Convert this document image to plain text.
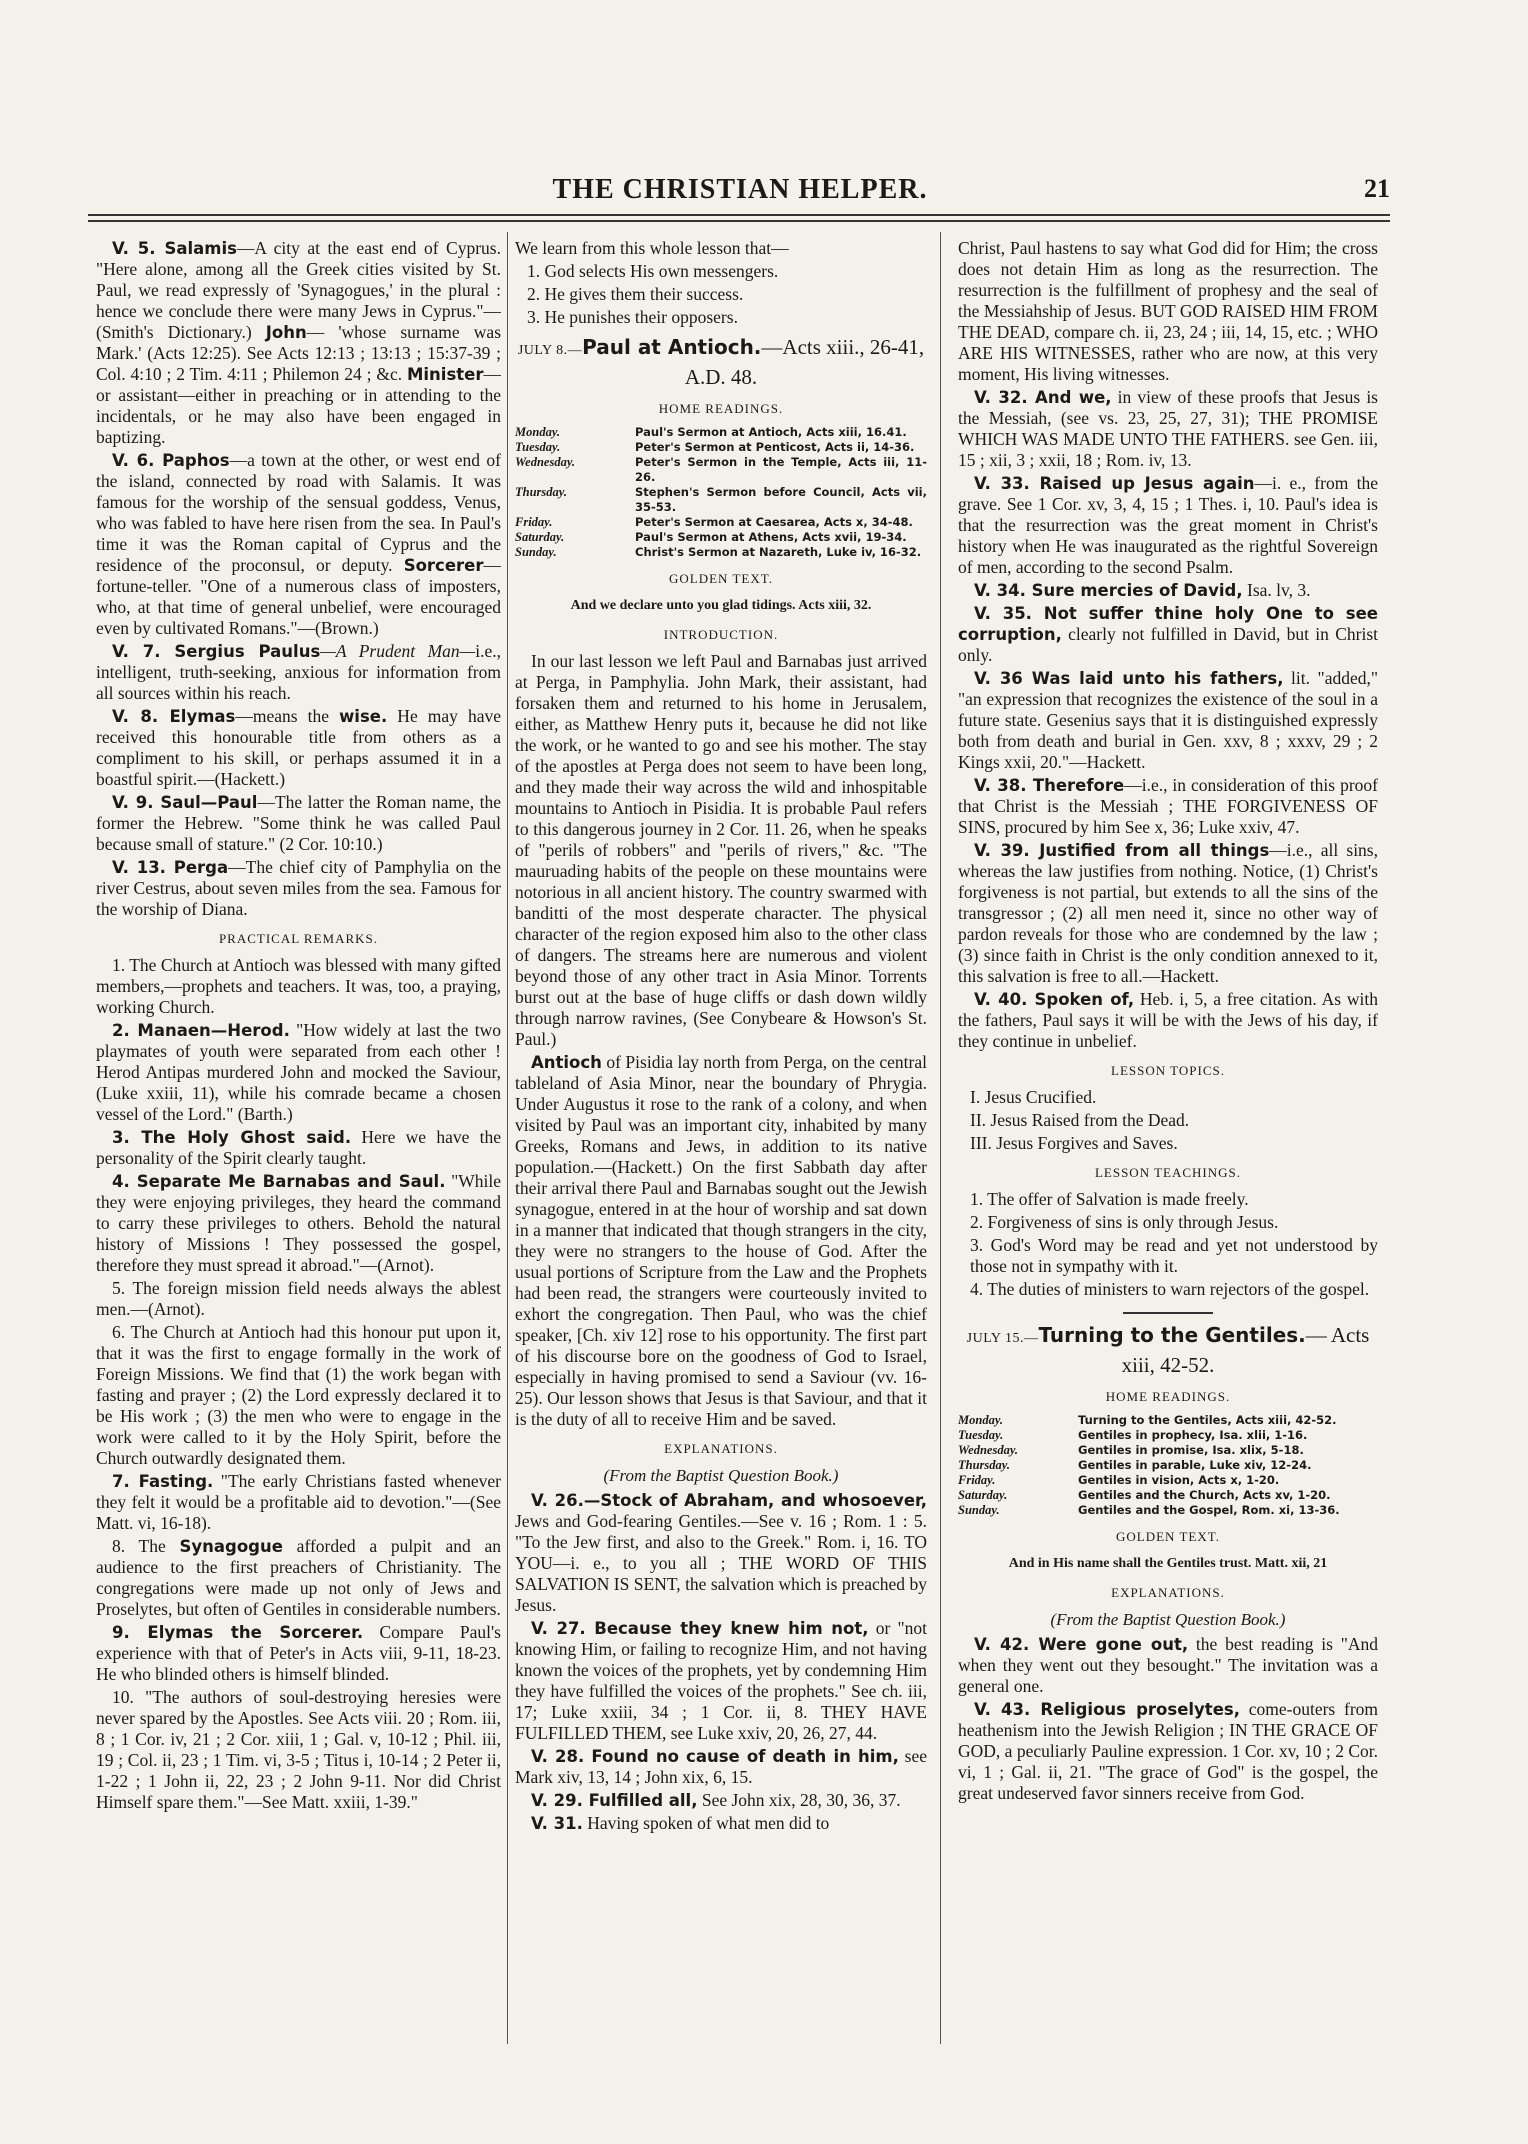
THE CHRISTIAN HELPER.	21

V. 5. Salamis—A city at the east end of Cyprus. "Here alone, among all the Greek cities visited by St. Paul, we read expressly of 'Synagogues,' in the plural : hence we conclude there were many Jews in Cyprus."—(Smith's Dictionary.) John— 'whose surname was Mark.' (Acts 12:25). See Acts 12:13 ; 13:13 ; 15:37-39 ; Col. 4:10 ; 2 Tim. 4:11 ; Philemon 24 ; &c. Minister—or assistant—either in preaching or in attending to the incidentals, or he may also have been engaged in baptizing.

V. 6. Paphos—a town at the other, or west end of the island, connected by road with Salamis. It was famous for the worship of the sensual goddess, Venus, who was fabled to have here risen from the sea. In Paul's time it was the Roman capital of Cyprus and the residence of the proconsul, or deputy. Sorcerer—fortune-teller. "One of a numerous class of imposters, who, at that time of general unbelief, were encouraged even by cultivated Romans."—(Brown.)

V. 7. Sergius Paulus—A Prudent Man—i.e., intelligent, truth-seeking, anxious for information from all sources within his reach.

V. 8. Elymas—means the wise. He may have received this honourable title from others as a compliment to his skill, or perhaps assumed it in a boastful spirit.—(Hackett.)

V. 9. Saul—Paul—The latter the Roman name, the former the Hebrew. "Some think he was called Paul because small of stature." (2 Cor. 10:10.)

V. 13. Perga—The chief city of Pamphylia on the river Cestrus, about seven miles from the sea. Famous for the worship of Diana.

PRACTICAL REMARKS.

1. The Church at Antioch was blessed with many gifted members,—prophets and teachers. It was, too, a praying, working Church.

2. Manaen—Herod. "How widely at last the two playmates of youth were separated from each other ! Herod Antipas murdered John and mocked the Saviour, (Luke xxiii, 11), while his comrade became a chosen vessel of the Lord." (Barth.)

3. The Holy Ghost said. Here we have the personality of the Spirit clearly taught.

4. Separate Me Barnabas and Saul. "While they were enjoying privileges, they heard the command to carry these privileges to others. Behold the natural history of Missions ! They possessed the gospel, therefore they must spread it abroad."—(Arnot).

5. The foreign mission field needs always the ablest men.—(Arnot).

6. The Church at Antioch had this honour put upon it, that it was the first to engage formally in the work of Foreign Missions. We find that (1) the work began with fasting and prayer ; (2) the Lord expressly declared it to be His work ; (3) the men who were to engage in the work were called to it by the Holy Spirit, before the Church outwardly designated them.

7. Fasting. "The early Christians fasted whenever they felt it would be a profitable aid to devotion."—(See Matt. vi, 16-18).

8. The Synagogue afforded a pulpit and an audience to the first preachers of Christianity. The congregations were made up not only of Jews and Proselytes, but often of Gentiles in considerable numbers.

9. Elymas the Sorcerer. Compare Paul's experience with that of Peter's in Acts viii, 9-11, 18-23. He who blinded others is himself blinded.

10. "The authors of soul-destroying heresies were never spared by the Apostles. See Acts viii. 20 ; Rom. iii, 8 ; 1 Cor. iv, 21 ; 2 Cor. xiii, 1 ; Gal. v, 10-12 ; Phil. iii, 19 ; Col. ii, 23 ; 1 Tim. vi, 3-5 ; Titus i, 10-14 ; 2 Peter ii, 1-22 ; 1 John ii, 22, 23 ; 2 John 9-11. Nor did Christ Himself spare them."—See Matt. xxiii, 1-39."

We learn from this whole lesson that—

1. God selects His own messengers.

2. He gives them their success.

3. He punishes their opposers.

JULY 8.—Paul at Antioch.—Acts xiii., 26-41, A.D. 48.
HOME READINGS.
Monday.	Paul's Sermon at Antioch, Acts xiii, 16.41.
Tuesday.	Peter's Sermon at Penticost, Acts ii, 14-36.
Wednesday.	Peter's Sermon in the Temple, Acts iii, 11-26.
Thursday.	Stephen's Sermon before Council, Acts vii, 35-53.
Friday.	Peter's Sermon at Caesarea, Acts x, 34-48.
Saturday.	Paul's Sermon at Athens, Acts xvii, 19-34.
Sunday.	Christ's Sermon at Nazareth, Luke iv, 16-32.
GOLDEN TEXT.
And we declare unto you glad tidings. Acts xiii, 32.
INTRODUCTION.

In our last lesson we left Paul and Barnabas just arrived at Perga, in Pamphylia. John Mark, their assistant, had forsaken them and returned to his home in Jerusalem, either, as Matthew Henry puts it, because he did not like the work, or he wanted to go and see his mother. The stay of the apostles at Perga does not seem to have been long, and they made their way across the wild and inhospitable mountains to Antioch in Pisidia. It is probable Paul refers to this dangerous journey in 2 Cor. 11. 26, when he speaks of "perils of robbers" and "perils of rivers," &c. "The mauruading habits of the people on these mountains were notorious in all ancient history. The country swarmed with banditti of the most desperate character. The physical character of the region exposed him also to the other class of dangers. The streams here are numerous and violent beyond those of any other tract in Asia Minor. Torrents burst out at the base of huge cliffs or dash down wildly through narrow ravines, (See Conybeare & Howson's St. Paul.)

Antioch of Pisidia lay north from Perga, on the central tableland of Asia Minor, near the boundary of Phrygia. Under Augustus it rose to the rank of a colony, and when visited by Paul was an important city, inhabited by many Greeks, Romans and Jews, in addition to its native population.—(Hackett.) On the first Sabbath day after their arrival there Paul and Barnabas sought out the Jewish synagogue, entered in at the hour of worship and sat down in a manner that indicated that though strangers in the city, they were no strangers to the house of God. After the usual portions of Scripture from the Law and the Prophets had been read, the strangers were courteously invited to exhort the congregation. Then Paul, who was the chief speaker, [Ch. xiv 12] rose to his opportunity. The first part of his discourse bore on the goodness of God to Israel, especially in having promised to send a Saviour (vv. 16-25). Our lesson shows that Jesus is that Saviour, and that it is the duty of all to receive Him and be saved.

EXPLANATIONS.
(From the Baptist Question Book.)

V. 26.—Stock of Abraham, and whosoever, Jews and God-fearing Gentiles.—See v. 16 ; Rom. 1 : 5. "To the Jew first, and also to the Greek." Rom. i, 16. TO YOU—i. e., to you all ; THE WORD OF THIS SALVATION IS SENT, the salvation which is preached by Jesus.

V. 27. Because they knew him not, or "not knowing Him, or failing to recognize Him, and not having known the voices of the prophets, yet by condemning Him they have fulfilled the voices of the prophets." See ch. iii, 17; Luke xxiii, 34 ; 1 Cor. ii, 8. THEY HAVE FULFILLED THEM, see Luke xxiv, 20, 26, 27, 44.

V. 28. Found no cause of death in him, see Mark xiv, 13, 14 ; John xix, 6, 15.

V. 29. Fulfilled all, See John xix, 28, 30, 36, 37.

V. 31. Having spoken of what men did to

Christ, Paul hastens to say what God did for Him; the cross does not detain Him as long as the resurrection. The resurrection is the fulfillment of prophesy and the seal of the Messiahship of Jesus. BUT GOD RAISED HIM FROM THE DEAD, compare ch. ii, 23, 24 ; iii, 14, 15, etc. ; WHO ARE HIS WITNESSES, rather who are now, at this very moment, His living witnesses.

V. 32. And we, in view of these proofs that Jesus is the Messiah, (see vs. 23, 25, 27, 31); THE PROMISE WHICH WAS MADE UNTO THE FATHERS. see Gen. iii, 15 ; xii, 3 ; xxii, 18 ; Rom. iv, 13.

V. 33. Raised up Jesus again—i. e., from the grave. See 1 Cor. xv, 3, 4, 15 ; 1 Thes. i, 10. Paul's idea is that the resurrection was the great moment in Christ's history when He was inaugurated as the rightful Sovereign of men, according to the second Psalm.

V. 34. Sure mercies of David, Isa. lv, 3.

V. 35. Not suffer thine holy One to see corruption, clearly not fulfilled in David, but in Christ only.

V. 36 Was laid unto his fathers, lit. "added," "an expression that recognizes the existence of the soul in a future state. Gesenius says that it is distinguished expressly both from death and burial in Gen. xxv, 8 ; xxxv, 29 ; 2 Kings xxii, 20."—Hackett.

V. 38. Therefore—i.e., in consideration of this proof that Christ is the Messiah ; THE FORGIVENESS OF SINS, procured by him See x, 36; Luke xxiv, 47.

V. 39. Justified from all things—i.e., all sins, whereas the law justifies from nothing. Notice, (1) Christ's forgiveness is not partial, but extends to all the sins of the transgressor ; (2) all men need it, since no other way of pardon reveals for those who are condemned by the law ; (3) since faith in Christ is the only condition annexed to it, this salvation is free to all.—Hackett.

V. 40. Spoken of, Heb. i, 5, a free citation. As with the fathers, Paul says it will be with the Jews of his day, if they continue in unbelief.

LESSON TOPICS.

I. Jesus Crucified.

II. Jesus Raised from the Dead.

III. Jesus Forgives and Saves.

LESSON TEACHINGS.

1. The offer of Salvation is made freely.

2. Forgiveness of sins is only through Jesus.

3. God's Word may be read and yet not understood by those not in sympathy with it.

4. The duties of ministers to warn rejectors of the gospel.

JULY 15.—Turning to the Gentiles.— Acts xiii, 42-52.
HOME READINGS.
Monday.	Turning to the Gentiles, Acts xiii, 42-52.
Tuesday.	Gentiles in prophecy, Isa. xlii, 1-16.
Wednesday.	Gentiles in promise, Isa. xlix, 5-18.
Thursday.	Gentiles in parable, Luke xiv, 12-24.
Friday.	Gentiles in vision, Acts x, 1-20.
Saturday.	Gentiles and the Church, Acts xv, 1-20.
Sunday.	Gentiles and the Gospel, Rom. xi, 13-36.
GOLDEN TEXT.
And in His name shall the Gentiles trust. Matt. xii, 21
EXPLANATIONS.
(From the Baptist Question Book.)

V. 42. Were gone out, the best reading is "And when they went out they besought." The invitation was a general one.

V. 43. Religious proselytes, come-outers from heathenism into the Jewish Religion ; IN THE GRACE OF GOD, a peculiarly Pauline expression. 1 Cor. xv, 10 ; 2 Cor. vi, 1 ; Gal. ii, 21. "The grace of God" is the gospel, the great undeserved favor sinners receive from God.
